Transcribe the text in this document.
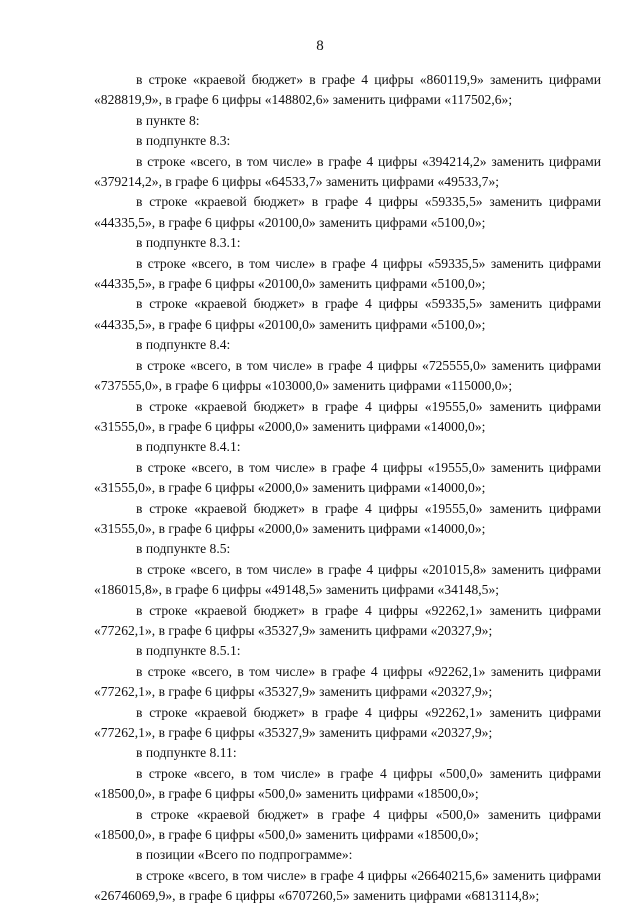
8

в строке «краевой бюджет» в графе 4 цифры «860119,9» заменить цифрами «828819,9», в графе 6 цифры «148802,6» заменить цифрами «117502,6»;

в пункте 8:

в подпункте 8.3:

в строке «всего, в том числе» в графе 4 цифры «394214,2» заменить цифрами «379214,2», в графе 6 цифры «64533,7» заменить цифрами «49533,7»;

в строке «краевой бюджет» в графе 4 цифры «59335,5» заменить цифрами «44335,5», в графе 6 цифры «20100,0» заменить цифрами «5100,0»;

в подпункте 8.3.1:

в строке «всего, в том числе» в графе 4 цифры «59335,5» заменить цифрами «44335,5», в графе 6 цифры «20100,0» заменить цифрами «5100,0»;

в строке «краевой бюджет» в графе 4 цифры «59335,5» заменить цифрами «44335,5», в графе 6 цифры «20100,0» заменить цифрами «5100,0»;

в подпункте 8.4:

в строке «всего, в том числе» в графе 4 цифры «725555,0» заменить цифрами «737555,0», в графе 6 цифры «103000,0» заменить цифрами «115000,0»;

в строке «краевой бюджет» в графе 4 цифры «19555,0» заменить цифрами «31555,0», в графе 6 цифры «2000,0» заменить цифрами «14000,0»;

в подпункте 8.4.1:

в строке «всего, в том числе» в графе 4 цифры «19555,0» заменить цифрами «31555,0», в графе 6 цифры «2000,0» заменить цифрами «14000,0»;

в строке «краевой бюджет» в графе 4 цифры «19555,0» заменить цифрами «31555,0», в графе 6 цифры «2000,0» заменить цифрами «14000,0»;

в подпункте 8.5:

в строке «всего, в том числе» в графе 4 цифры «201015,8» заменить цифрами «186015,8», в графе 6 цифры «49148,5» заменить цифрами «34148,5»;

в строке «краевой бюджет» в графе 4 цифры «92262,1» заменить цифрами «77262,1», в графе 6 цифры «35327,9» заменить цифрами «20327,9»;

в подпункте 8.5.1:

в строке «всего, в том числе» в графе 4 цифры «92262,1» заменить цифрами «77262,1», в графе 6 цифры «35327,9» заменить цифрами «20327,9»;

в строке «краевой бюджет» в графе 4 цифры «92262,1» заменить цифрами «77262,1», в графе 6 цифры «35327,9» заменить цифрами «20327,9»;

в подпункте 8.11:

в строке «всего, в том числе» в графе 4 цифры «500,0» заменить цифрами «18500,0», в графе 6 цифры «500,0» заменить цифрами «18500,0»;

в строке «краевой бюджет» в графе 4 цифры «500,0» заменить цифрами «18500,0», в графе 6 цифры «500,0» заменить цифрами «18500,0»;

в позиции «Всего по подпрограмме»:

в строке «всего, в том числе» в графе 4 цифры «26640215,6» заменить цифрами «26746069,9», в графе 6 цифры «6707260,5» заменить цифрами «6813114,8»;
